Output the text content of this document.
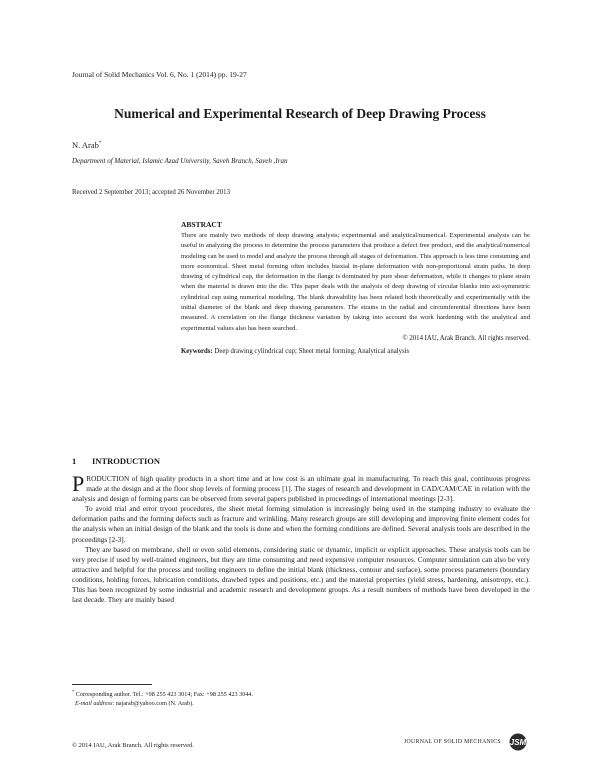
Journal of Solid Mechanics Vol. 6, No. 1 (2014) pp. 19-27
Numerical and Experimental Research of Deep Drawing Process
N. Arab*
Department of Material, Islamic Azad University, Saveh Branch, Saveh ,Iran
Received 2 September 2013; accepted 26 November 2013
ABSTRACT
There are mainly two methods of deep drawing analysis; experimental and analytical/numerical. Experimental analysis can be useful in analyzing the process to determine the process parameters that produce a defect free product, and the analytical/numerical modeling can be used to model and analyze the process through all stages of deformation. This approach is less time consuming and more economical. Sheet metal forming often includes biaxial in-plane deformation with non-proportional strain paths. In deep drawing of cylindrical cup, the deformation in the flange is dominated by pure shear deformation, while it changes to plane strain when the material is drawn into the die. This paper deals with the analysis of deep drawing of circular blanks into axi-symmetric cylindrical cup using numerical modeling. The blank drawability has been related both theoretically and experimentally with the initial diameter of the blank and deep drawing parameters. The strains in the radial and circumferential directions have been measured. A correlation on the flange thickness variation by taking into account the work hardening with the analytical and experimental values also has been searched.
© 2014 IAU, Arak Branch. All rights reserved.
Keywords: Deep drawing cylindrical cup; Sheet metal forming; Analytical analysis
1 INTRODUCTION

PRODUCTION of high quality products in a short time and at low cost is an ultimate goal in manufacturing. To reach this goal, continuous progress made at the design and at the floor shop levels of forming process [1]. The stages of research and development in CAD/CAM/CAE in relation with the analysis and design of forming parts can be observed from several papers published in proceedings of international meetings [2-3].

To avoid trial and error tryout procedures, the sheet metal forming simulation is increasingly being used in the stamping industry to evaluate the deformation paths and the forming defects such as fracture and wrinkling. Many research groups are still developing and improving finite element codes for the analysis when an initial design of the blank and the tools is done and when the forming conditions are defined. Several analysis tools are described in the proceedings [2-3].

They are based on membrane, shell or even solid elements, considering static or dynamic, implicit or explicit approaches. These analysis tools can be very precise if used by well-trained engineers, but they are time consuming and need expensive computer resources. Computer simulation can also be very attractive and helpful for the process and tooling engineers to define the initial blank (thickness, contour and surface), some process parameters (boundary conditions, holding forces, lubrication conditions, drawbed types and positions, etc.) and the material properties (yield stress, hardening, anisotropy, etc.). This has been recognized by some industrial and academic research and development groups. As a result numbers of methods have been developed in the last decade. They are mainly based

* Corresponding author. Tel.: +98 255 423 3014; Fax: +98 255 423 3044.
E-mail address: najarab@yahoo.com (N. Arab).
© 2014 IAU, Arak Branch. All rights reserved.	JOURNAL OF SOLID MECHANICS JSM
